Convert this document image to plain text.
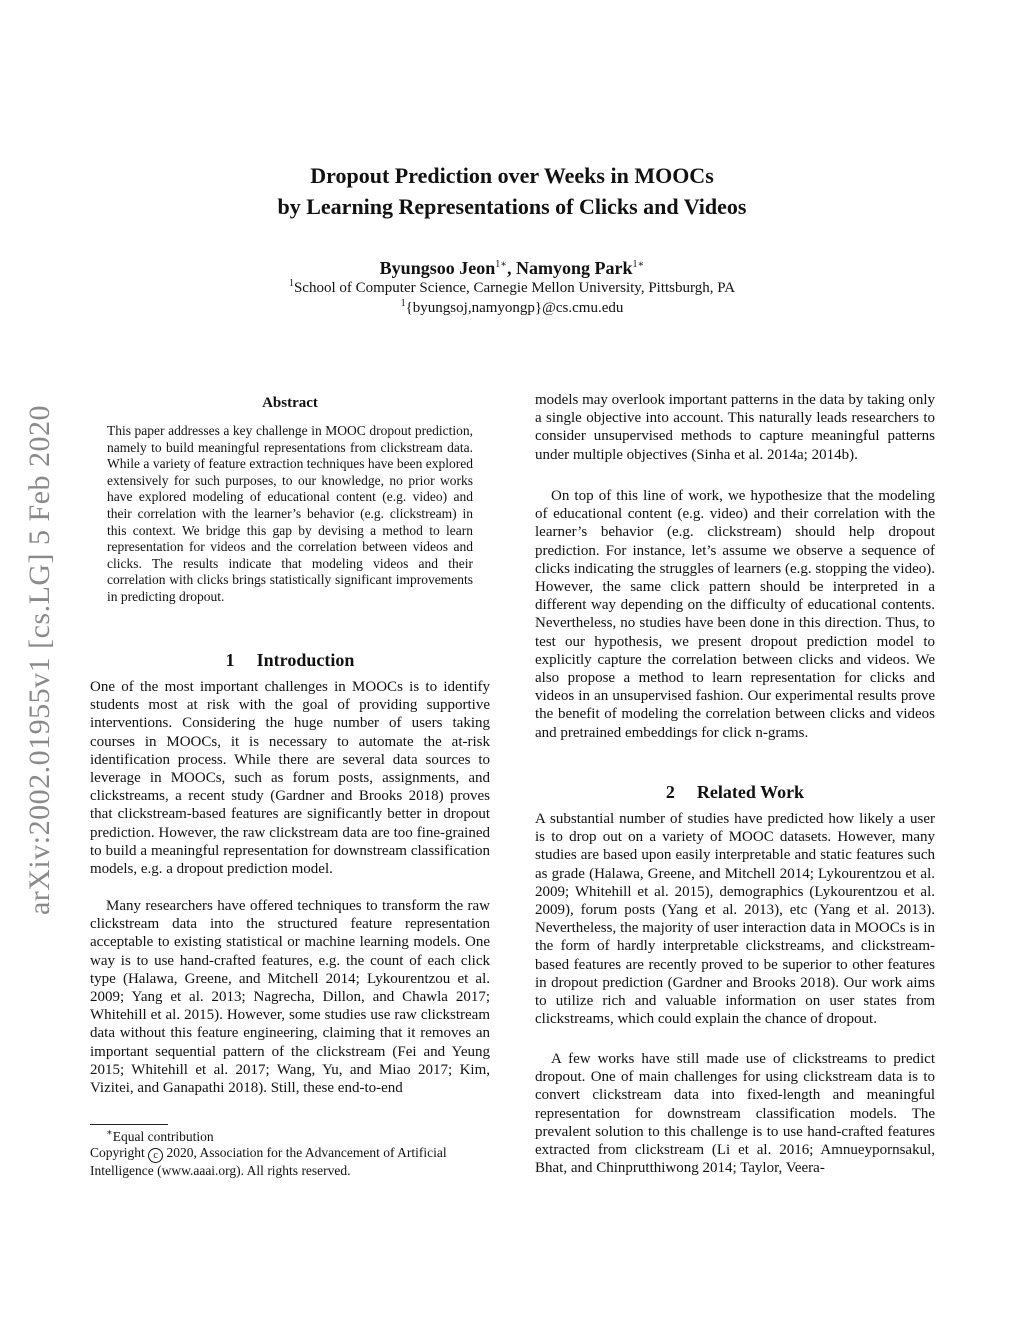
Dropout Prediction over Weeks in MOOCs
by Learning Representations of Clicks and Videos
Byungsoo Jeon$^{1∗}$, Namyong Park$^{1∗}$
$^1$School of Computer Science, Carnegie Mellon University, Pittsburgh, PA
$^1${byungsoj,namyongp}@cs.cmu.edu
arXiv:2002.01955v1 [cs.LG] 5 Feb 2020
Abstract
This paper addresses a key challenge in MOOC dropout prediction, namely to build meaningful representations from clickstream data. While a variety of feature extraction techniques have been explored extensively for such purposes, to our knowledge, no prior works have explored modeling of educational content (e.g. video) and their correlation with the learner’s behavior (e.g. clickstream) in this context. We bridge this gap by devising a method to learn representation for videos and the correlation between videos and clicks. The results indicate that modeling videos and their correlation with clicks brings statistically significant improvements in predicting dropout.
1 Introduction
One of the most important challenges in MOOCs is to identify students most at risk with the goal of providing supportive interventions. Considering the huge number of users taking courses in MOOCs, it is necessary to automate the at-risk identification process. While there are several data sources to leverage in MOOCs, such as forum posts, assignments, and clickstreams, a recent study (Gardner and Brooks 2018) proves that clickstream-based features are significantly better in dropout prediction. However, the raw clickstream data are too fine-grained to build a meaningful representation for downstream classification models, e.g. a dropout prediction model.
Many researchers have offered techniques to transform the raw clickstream data into the structured feature representation acceptable to existing statistical or machine learning models. One way is to use hand-crafted features, e.g. the count of each click type (Halawa, Greene, and Mitchell 2014; Lykourentzou et al. 2009; Yang et al. 2013; Nagrecha, Dillon, and Chawla 2017; Whitehill et al. 2015). However, some studies use raw clickstream data without this feature engineering, claiming that it removes an important sequential pattern of the clickstream (Fei and Yeung 2015; Whitehill et al. 2017; Wang, Yu, and Miao 2017; Kim, Vizitei, and Ganapathi 2018). Still, these end-to-end
∗Equal contribution
Copyright c 2020, Association for the Advancement of Artificial Intelligence (www.aaai.org). All rights reserved.
models may overlook important patterns in the data by taking only a single objective into account. This naturally leads researchers to consider unsupervised methods to capture meaningful patterns under multiple objectives (Sinha et al. 2014a; 2014b).
On top of this line of work, we hypothesize that the modeling of educational content (e.g. video) and their correlation with the learner’s behavior (e.g. clickstream) should help dropout prediction. For instance, let’s assume we observe a sequence of clicks indicating the struggles of learners (e.g. stopping the video). However, the same click pattern should be interpreted in a different way depending on the difficulty of educational contents. Nevertheless, no studies have been done in this direction. Thus, to test our hypothesis, we present dropout prediction model to explicitly capture the correlation between clicks and videos. We also propose a method to learn representation for clicks and videos in an unsupervised fashion. Our experimental results prove the benefit of modeling the correlation between clicks and videos and pretrained embeddings for click n-grams.
2 Related Work
A substantial number of studies have predicted how likely a user is to drop out on a variety of MOOC datasets. However, many studies are based upon easily interpretable and static features such as grade (Halawa, Greene, and Mitchell 2014; Lykourentzou et al. 2009; Whitehill et al. 2015), demographics (Lykourentzou et al. 2009), forum posts (Yang et al. 2013), etc (Yang et al. 2013). Nevertheless, the majority of user interaction data in MOOCs is in the form of hardly interpretable clickstreams, and clickstream-based features are recently proved to be superior to other features in dropout prediction (Gardner and Brooks 2018). Our work aims to utilize rich and valuable information on user states from clickstreams, which could explain the chance of dropout.
A few works have still made use of clickstreams to predict dropout. One of main challenges for using clickstream data is to convert clickstream data into fixed-length and meaningful representation for downstream classification models. The prevalent solution to this challenge is to use hand-crafted features extracted from clickstream (Li et al. 2016; Amnueypornsakul, Bhat, and Chinprutthiwong 2014; Taylor, Veera-
